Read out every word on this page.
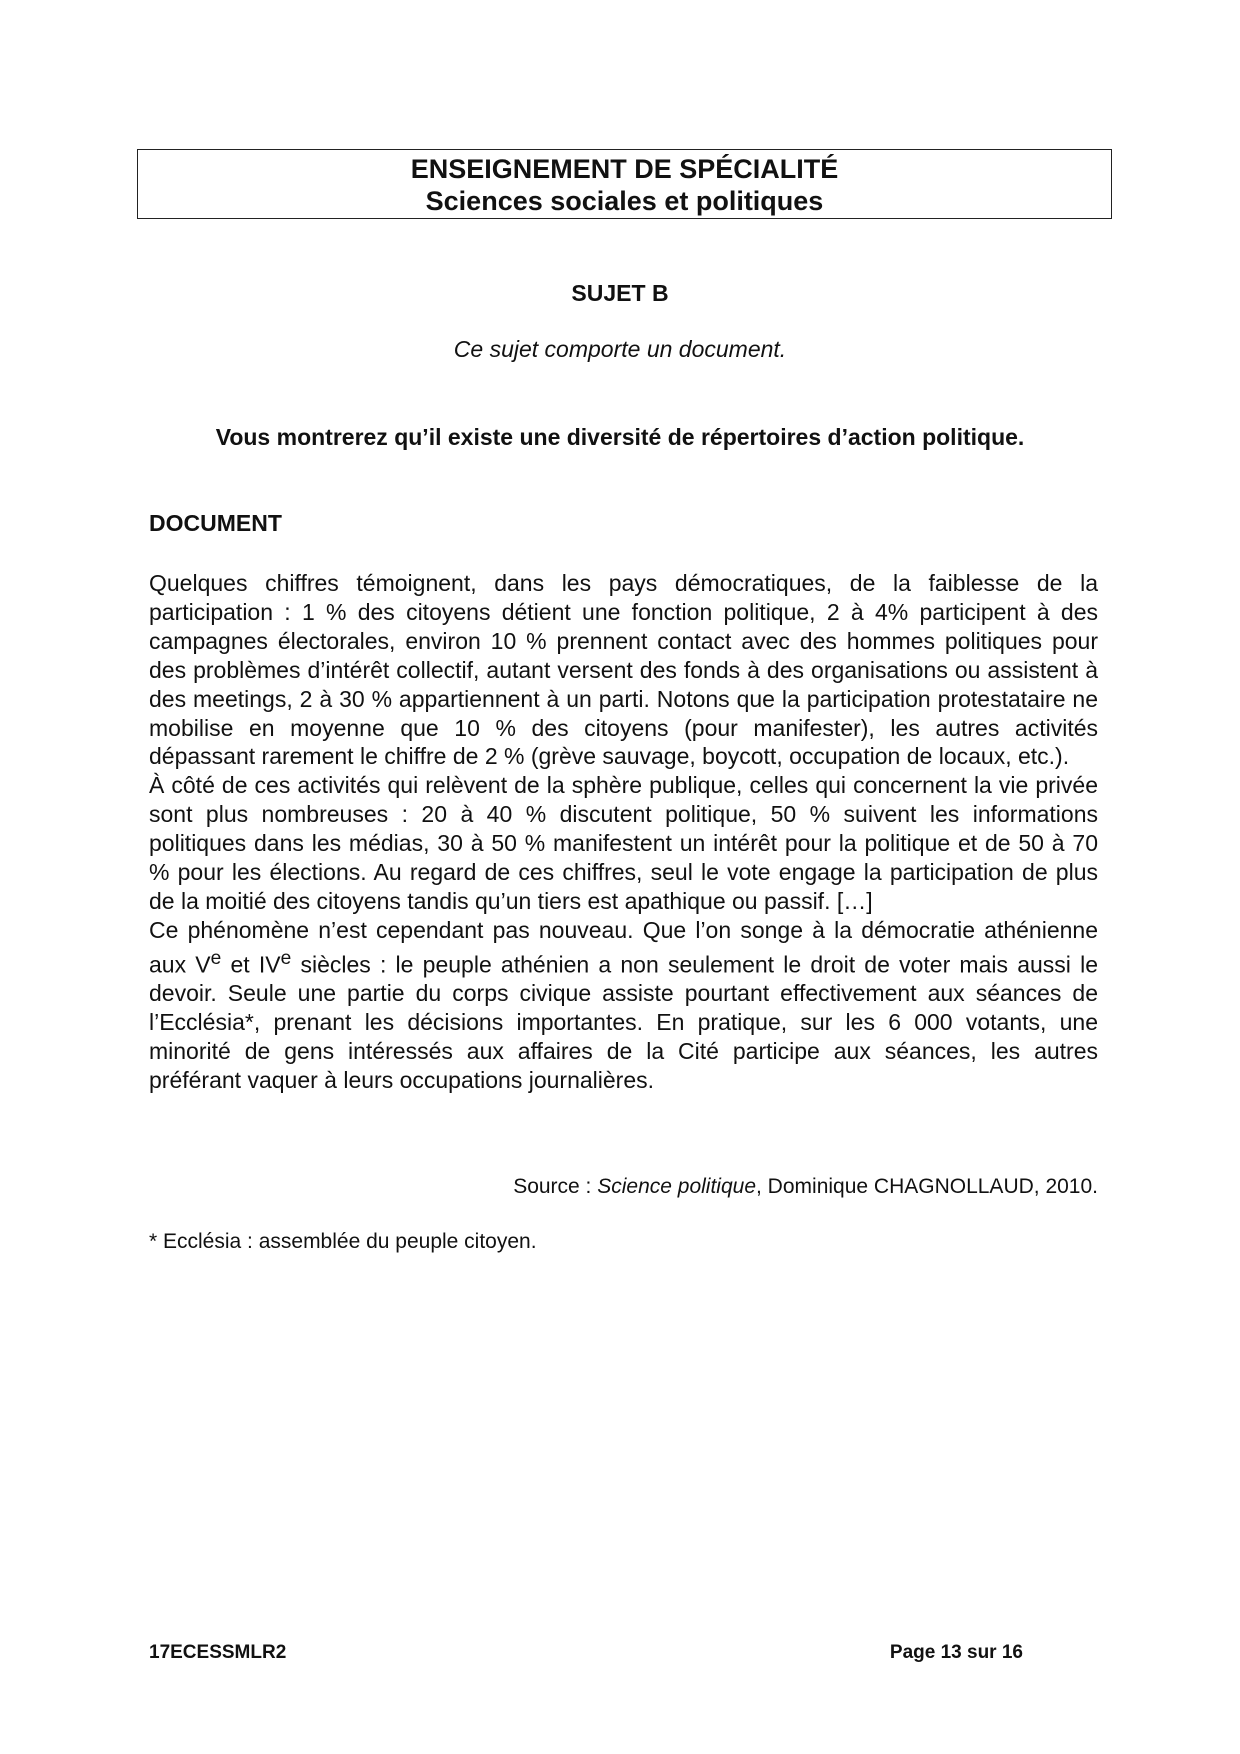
ENSEIGNEMENT DE SPÉCIALITÉ
Sciences sociales et politiques
SUJET B
Ce sujet comporte un document.
Vous montrerez qu’il existe une diversité de répertoires d’action politique.
DOCUMENT

Quelques chiffres témoignent, dans les pays démocratiques, de la faiblesse de la participation : 1 % des citoyens détient une fonction politique, 2 à 4% participent à des campagnes électorales, environ 10 % prennent contact avec des hommes politiques pour des problèmes d’intérêt collectif, autant versent des fonds à des organisations ou assistent à des meetings, 2 à 30 % appartiennent à un parti. Notons que la participation protestataire ne mobilise en moyenne que 10 % des citoyens (pour manifester), les autres activités dépassant rarement le chiffre de 2 % (grève sauvage, boycott, occupation de locaux, etc.).

À côté de ces activités qui relèvent de la sphère publique, celles qui concernent la vie privée sont plus nombreuses : 20 à 40 % discutent politique, 50 % suivent les informations politiques dans les médias, 30 à 50 % manifestent un intérêt pour la politique et de 50 à 70 % pour les élections. Au regard de ces chiffres, seul le vote engage la participation de plus de la moitié des citoyens tandis qu’un tiers est apathique ou passif. […]

Ce phénomène n’est cependant pas nouveau. Que l’on songe à la démocratie athénienne aux Ve et IVe siècles : le peuple athénien a non seulement le droit de voter mais aussi le devoir. Seule une partie du corps civique assiste pourtant effectivement aux séances de l’Ecclésia*, prenant les décisions importantes. En pratique, sur les 6 000 votants, une minorité de gens intéressés aux affaires de la Cité participe aux séances, les autres préférant vaquer à leurs occupations journalières.

Source : Science politique, Dominique CHAGNOLLAUD, 2010.
* Ecclésia : assemblée du peuple citoyen.
17ECESSMLR2	Page 13 sur 16
